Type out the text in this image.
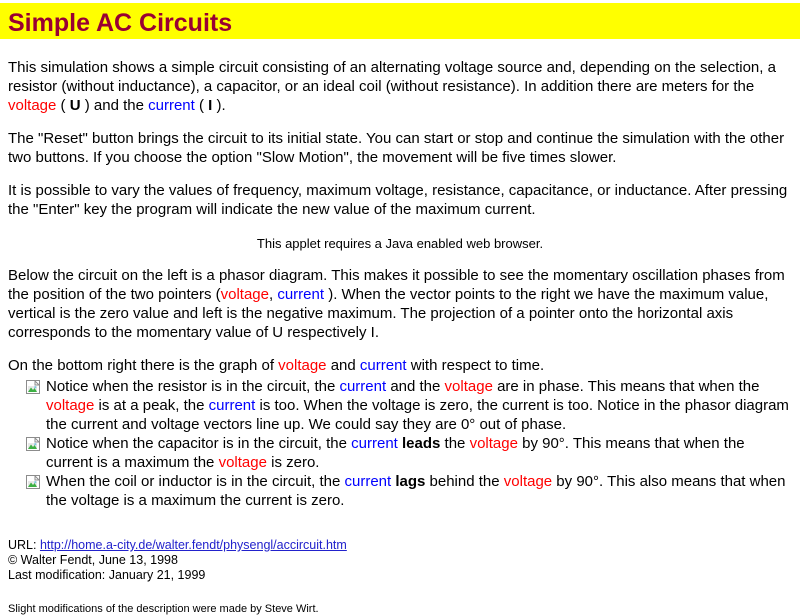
Simple AC Circuits

This simulation shows a simple circuit consisting of an alternating voltage source and, depending on the selection, a resistor (without inductance), a capacitor, or an ideal coil (without resistance). In addition there are meters for the voltage ( U ) and the current ( I ).

The "Reset" button brings the circuit to its initial state. You can start or stop and continue the simulation with the other two buttons. If you choose the option "Slow Motion", the movement will be five times slower.

It is possible to vary the values of frequency, maximum voltage, resistance, capacitance, or inductance. After pressing the "Enter" key the program will indicate the new value of the maximum current.

This applet requires a Java enabled web browser.

Below the circuit on the left is a phasor diagram. This makes it possible to see the momentary oscillation phases from the position of the two pointers (voltage, current ). When the vector points to the right we have the maximum value, vertical is the zero value and left is the negative maximum. The projection of a pointer onto the horizontal axis corresponds to the momentary value of U respectively I.

On the bottom right there is the graph of voltage and current with respect to time.

Notice when the resistor is in the circuit, the current and the voltage are in phase. This means that when the voltage is at a peak, the current is too. When the voltage is zero, the current is too. Notice in the phasor diagram the current and voltage vectors line up. We could say they are 0° out of phase.
Notice when the capacitor is in the circuit, the current leads the voltage by 90°. This means that when the current is a maximum the voltage is zero.
When the coil or inductor is in the circuit, the current lags behind the voltage by 90°. This also means that when the voltage is a maximum the current is zero.
URL: http://home.a-city.de/walter.fendt/physengl/accircuit.htm
© Walter Fendt, June 13, 1998
Last modification: January 21, 1999
Slight modifications of the description were made by Steve Wirt.
